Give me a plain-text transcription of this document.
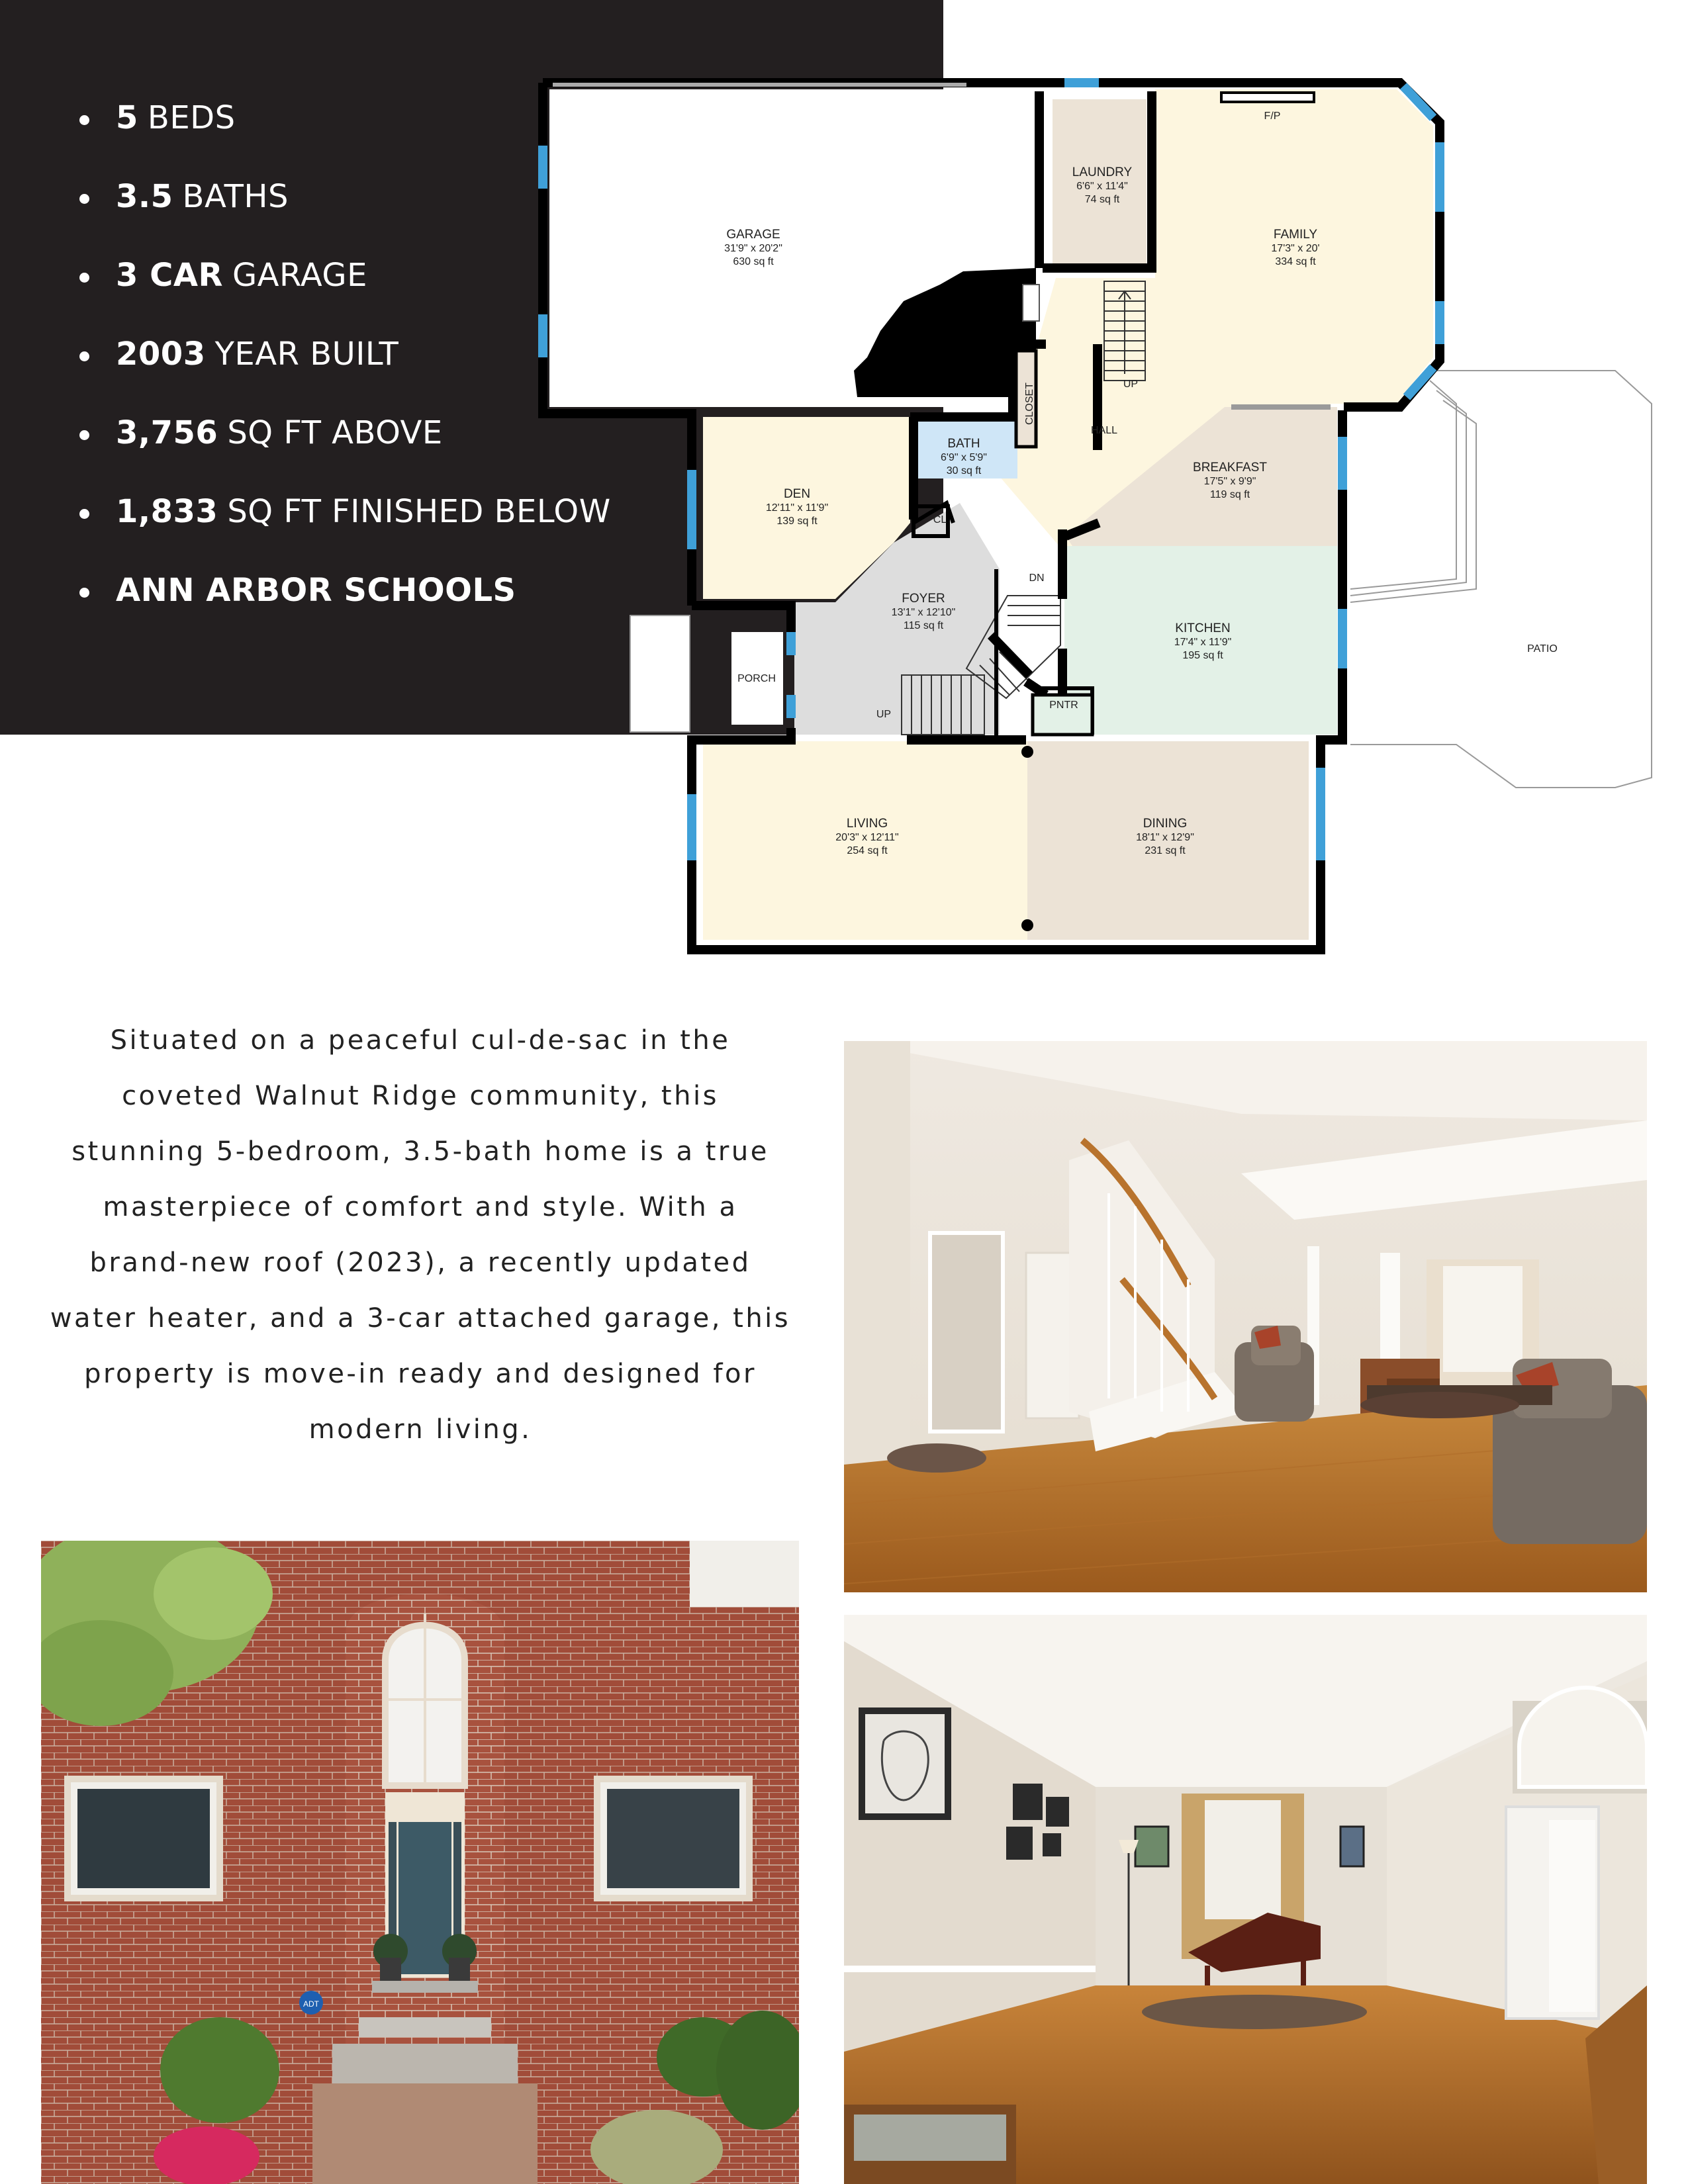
5 BEDS
3.5 BATHS
3 CAR GARAGE
2003 YEAR BUILT
3,756 SQ FT ABOVE
1,833 SQ FT FINISHED BELOW
ANN ARBOR SCHOOLS
GARAGE
31'9" x 20'2"
630 sq ft
LAUNDRY
6'6" x 11'4"
74 sq ft
FAMILY
17'3" x 20'
334 sq ft
BATH
6'9" x 5'9"
30 sq ft
DEN
12'11" x 11'9"
139 sq ft
BREAKFAST
17'5" x 9'9"
119 sq ft
FOYER
13'1" x 12'10"
115 sq ft	KITCHEN
17'4" x 11'9"
195 sq ft
LIVING
20'3" x 12'11"
254 sq ft
DINING
18'1" x 12'9"
231 sq ft
F/P
UP
CLOSET
HALL
CL
DN
PORCH
UP
PNTR
PATIO

Situated on a peaceful cul-de-sac in the
coveted Walnut Ridge community, this
stunning 5-bedroom, 3.5-bath home is a true
masterpiece of comfort and style. With a
brand-new roof (2023), a recently updated
water heater, and a 3-car attached garage, this
property is move-in ready and designed for
modern living.

ADT
